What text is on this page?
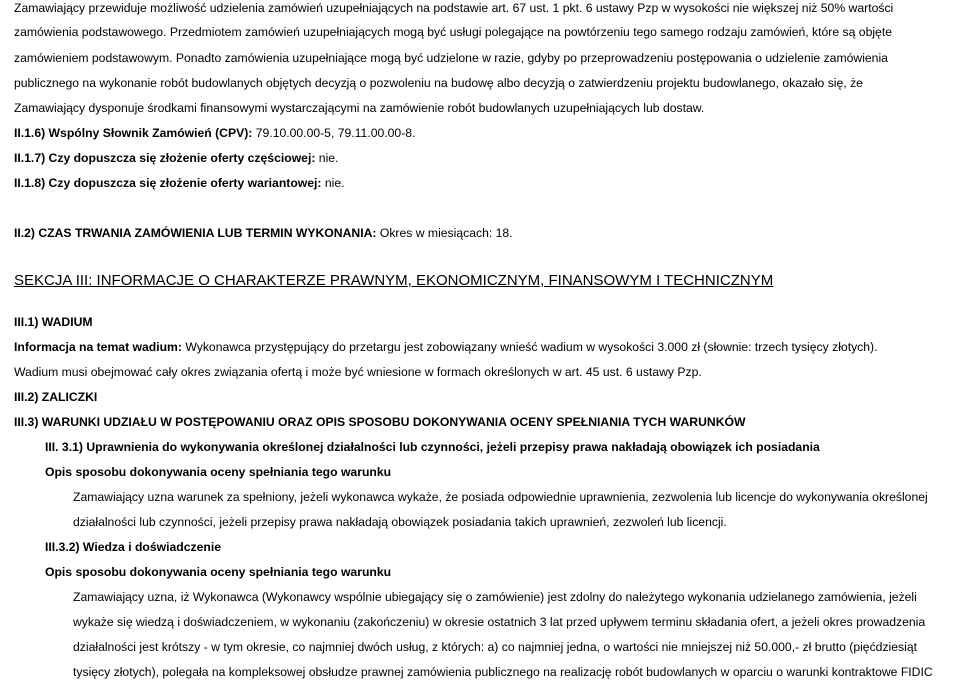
Zamawiający przewiduje możliwość udzielenia zamówień uzupełniających na podstawie art. 67 ust. 1 pkt. 6 ustawy Pzp w wysokości nie większej niż 50% wartości
zamówienia podstawowego. Przedmiotem zamówień uzupełniających mogą być usługi polegające na powtórzeniu tego samego rodzaju zamówień, które są objęte
zamówieniem podstawowym. Ponadto zamówienia uzupełniające mogą być udzielone w razie, gdyby po przeprowadzeniu postępowania o udzielenie zamówienia
publicznego na wykonanie robót budowlanych objętych decyzją o pozwoleniu na budowę albo decyzją o zatwierdzeniu projektu budowlanego, okazało się, że
Zamawiający dysponuje środkami finansowymi wystarczającymi na zamówienie robót budowlanych uzupełniających lub dostaw.
II.1.6) Wspólny Słownik Zamówień (CPV): 79.10.00.00-5, 79.11.00.00-8.
II.1.7) Czy dopuszcza się złożenie oferty częściowej: nie.
II.1.8) Czy dopuszcza się złożenie oferty wariantowej: nie.
II.2) CZAS TRWANIA ZAMÓWIENIA LUB TERMIN WYKONANIA: Okres w miesiącach: 18.
SEKCJA III: INFORMACJE O CHARAKTERZE PRAWNYM, EKONOMICZNYM, FINANSOWYM I TECHNICZNYM
III.1) WADIUM
Informacja na temat wadium: Wykonawca przystępujący do przetargu jest zobowiązany wnieść wadium w wysokości 3.000 zł (słownie: trzech tysięcy złotych).
Wadium musi obejmować cały okres związania ofertą i może być wniesione w formach określonych w art. 45 ust. 6 ustawy Pzp.
III.2) ZALICZKI
III.3) WARUNKI UDZIAŁU W POSTĘPOWANIU ORAZ OPIS SPOSOBU DOKONYWANIA OCENY SPEŁNIANIA TYCH WARUNKÓW
III. 3.1) Uprawnienia do wykonywania określonej działalności lub czynności, jeżeli przepisy prawa nakładają obowiązek ich posiadania
Opis sposobu dokonywania oceny spełniania tego warunku
Zamawiający uzna warunek za spełniony, jeżeli wykonawca wykaże, że posiada odpowiednie uprawnienia, zezwolenia lub licencje do wykonywania określonej
działalności lub czynności, jeżeli przepisy prawa nakładają obowiązek posiadania takich uprawnień, zezwoleń lub licencji.
III.3.2) Wiedza i doświadczenie
Opis sposobu dokonywania oceny spełniania tego warunku
Zamawiający uzna, iż Wykonawca (Wykonawcy wspólnie ubiegający się o zamówienie) jest zdolny do należytego wykonania udzielanego zamówienia, jeżeli
wykaże się wiedzą i doświadczeniem, w wykonaniu (zakończeniu) w okresie ostatnich 3 lat przed upływem terminu składania ofert, a jeżeli okres prowadzenia
działalności jest krótszy - w tym okresie, co najmniej dwóch usług, z których: a) co najmniej jedna, o wartości nie mniejszej niż 50.000,- zł brutto (pięćdziesiąt
tysięcy złotych), polegała na kompleksowej obsłudze prawnej zamówienia publicznego na realizację robót budowlanych w oparciu o warunki kontraktowe FIDIC
